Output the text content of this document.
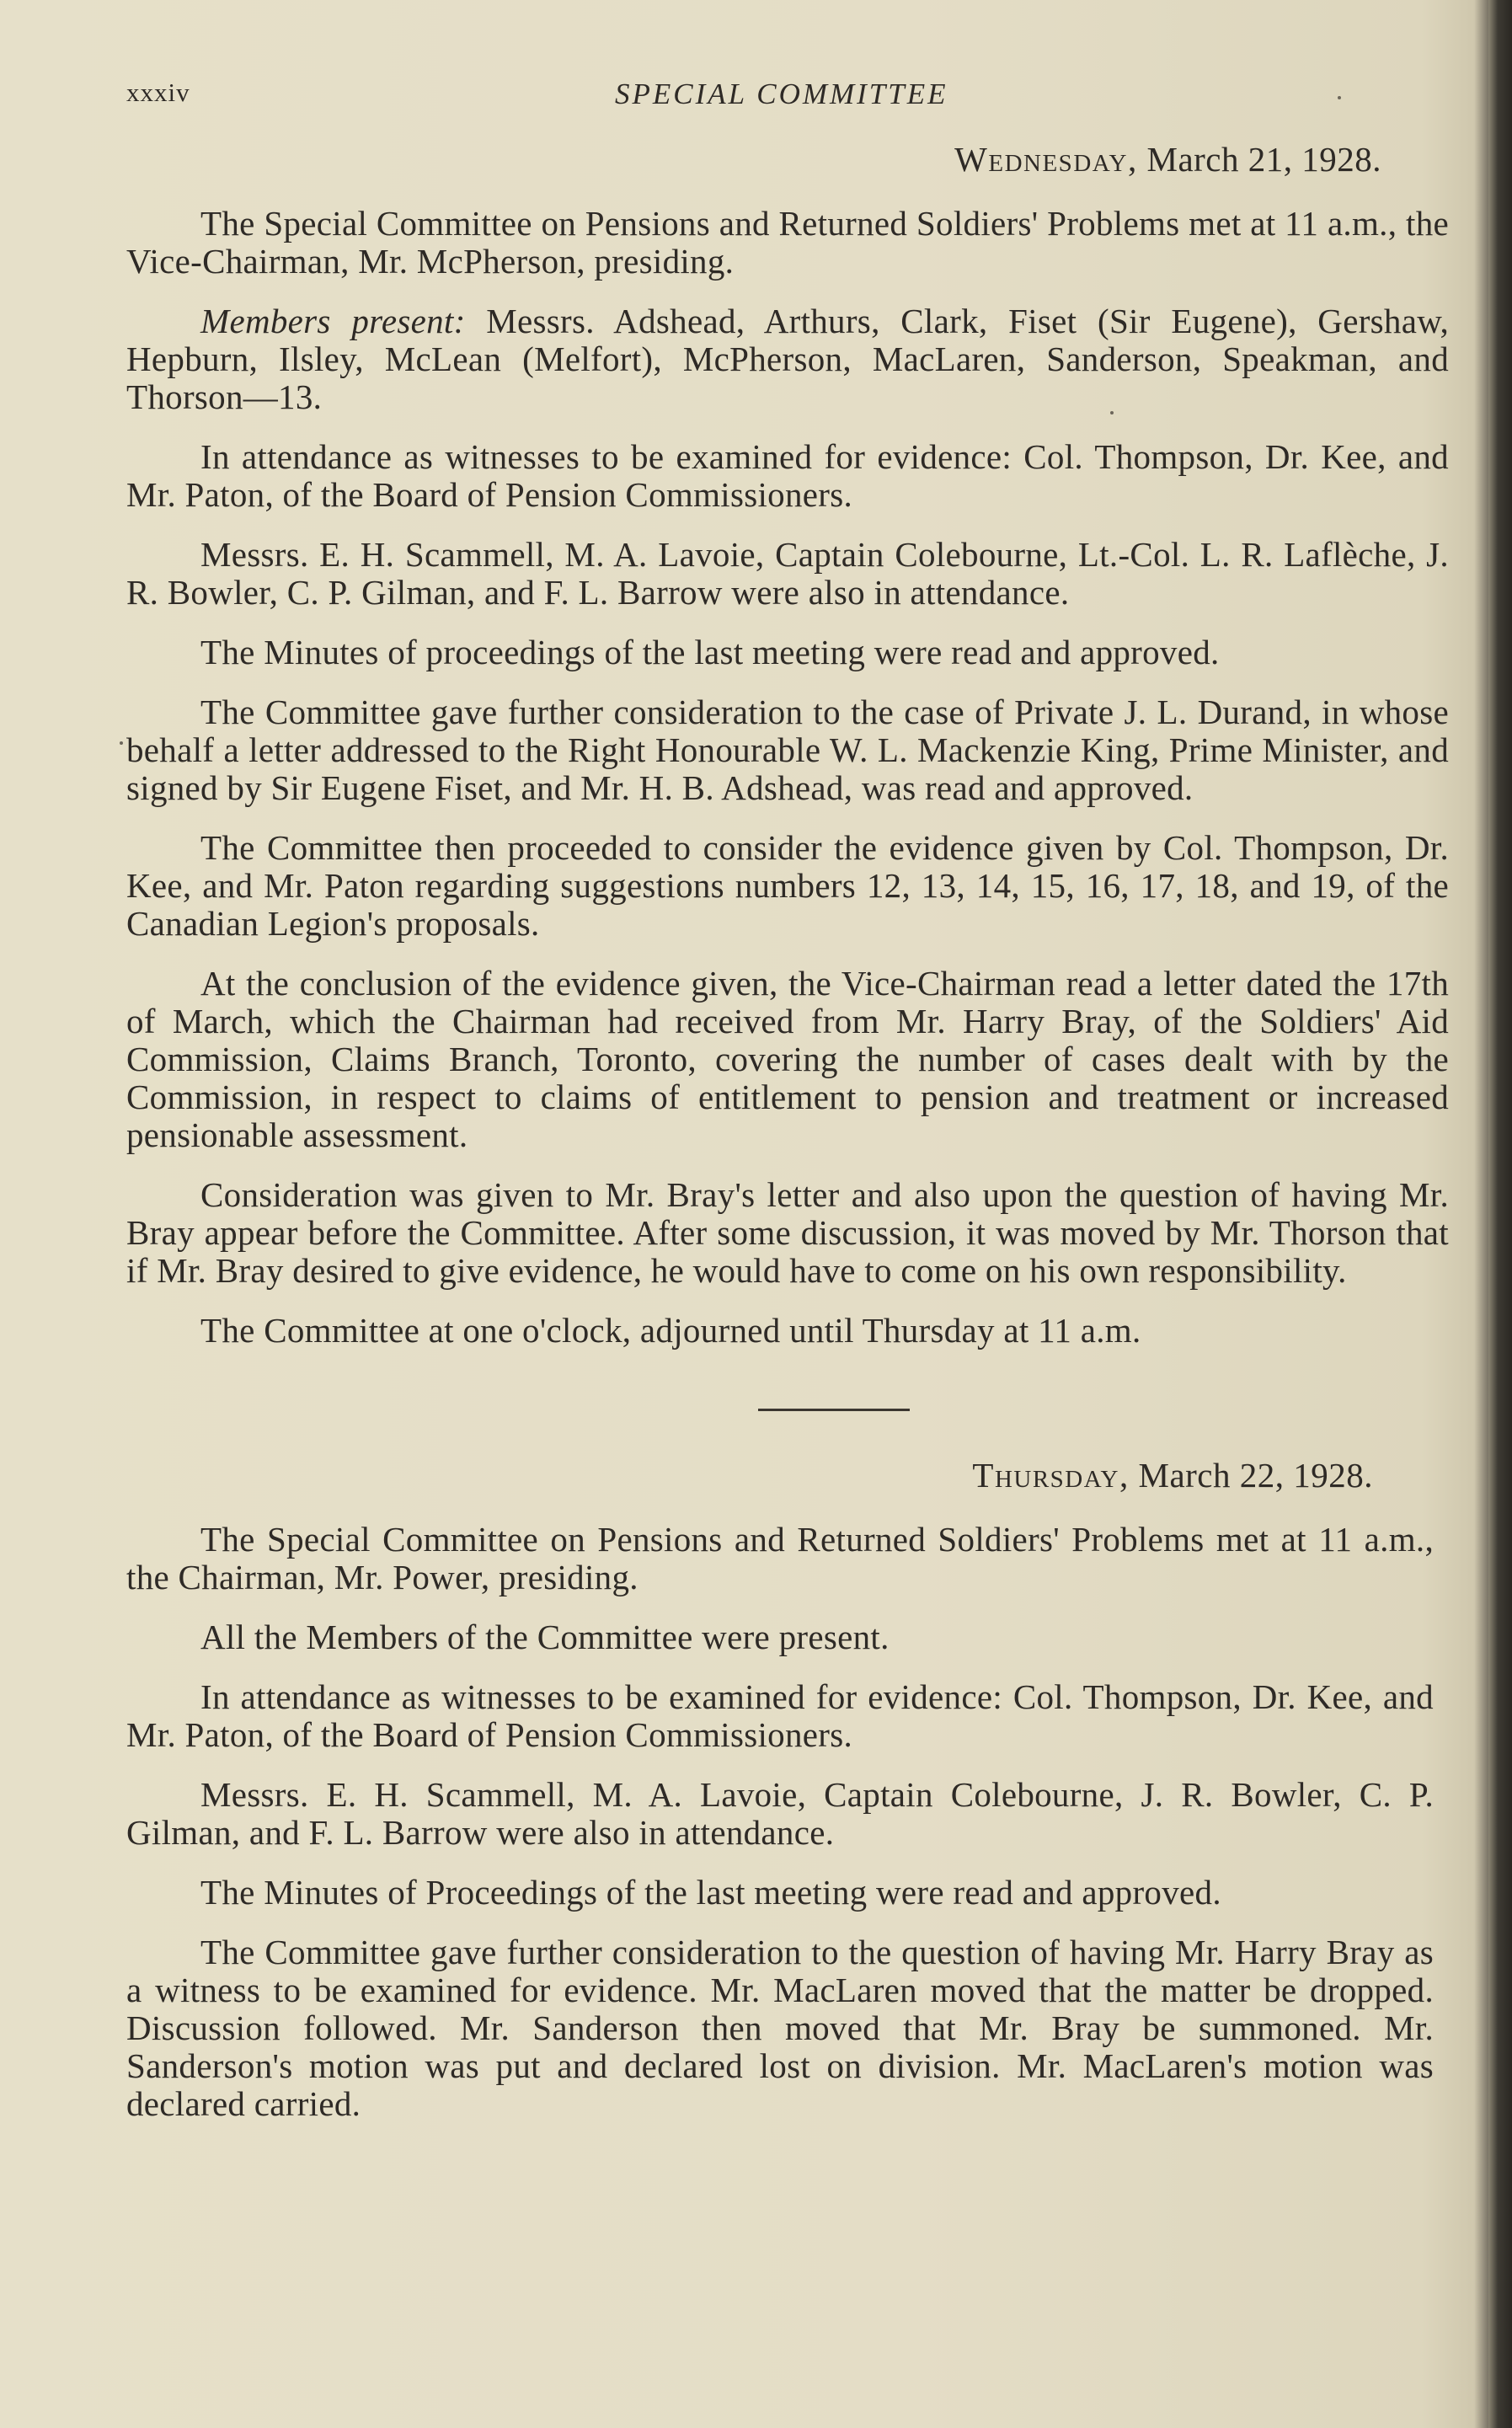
xxxiv	SPECIAL COMMITTEE

Wednesday, March 21, 1928.

The Special Committee on Pensions and Returned Soldiers' Problems met at 11 a.m., the Vice-Chairman, Mr. McPherson, presiding.

Members present: Messrs. Adshead, Arthurs, Clark, Fiset (Sir Eugene), Gershaw, Hepburn, Ilsley, McLean (Melfort), McPherson, MacLaren, Sanderson, Speakman, and Thorson—13.

In attendance as witnesses to be examined for evidence: Col. Thompson, Dr. Kee, and Mr. Paton, of the Board of Pension Commissioners.

Messrs. E. H. Scammell, M. A. Lavoie, Captain Colebourne, Lt.-Col. L. R. Laflèche, J. R. Bowler, C. P. Gilman, and F. L. Barrow were also in attendance.

The Minutes of proceedings of the last meeting were read and approved.

The Committee gave further consideration to the case of Private J. L. Durand, in whose behalf a letter addressed to the Right Honourable W. L. Mackenzie King, Prime Minister, and signed by Sir Eugene Fiset, and Mr. H. B. Adshead, was read and approved.

The Committee then proceeded to consider the evidence given by Col. Thompson, Dr. Kee, and Mr. Paton regarding suggestions numbers 12, 13, 14, 15, 16, 17, 18, and 19, of the Canadian Legion's proposals.

At the conclusion of the evidence given, the Vice-Chairman read a letter dated the 17th of March, which the Chairman had received from Mr. Harry Bray, of the Soldiers' Aid Commission, Claims Branch, Toronto, covering the number of cases dealt with by the Commission, in respect to claims of entitlement to pension and treatment or increased pensionable assessment.

Consideration was given to Mr. Bray's letter and also upon the question of having Mr. Bray appear before the Committee. After some discussion, it was moved by Mr. Thorson that if Mr. Bray desired to give evidence, he would have to come on his own responsibility.

The Committee at one o'clock, adjourned until Thursday at 11 a.m.

Thursday, March 22, 1928.

The Special Committee on Pensions and Returned Soldiers' Problems met at 11 a.m., the Chairman, Mr. Power, presiding.

All the Members of the Committee were present.

In attendance as witnesses to be examined for evidence: Col. Thompson, Dr. Kee, and Mr. Paton, of the Board of Pension Commissioners.

Messrs. E. H. Scammell, M. A. Lavoie, Captain Colebourne, J. R. Bowler, C. P. Gilman, and F. L. Barrow were also in attendance.

The Minutes of Proceedings of the last meeting were read and approved.

The Committee gave further consideration to the question of having Mr. Harry Bray as a witness to be examined for evidence. Mr. MacLaren moved that the matter be dropped. Discussion followed. Mr. Sanderson then moved that Mr. Bray be summoned. Mr. Sanderson's motion was put and declared lost on division. Mr. MacLaren's motion was declared carried.
